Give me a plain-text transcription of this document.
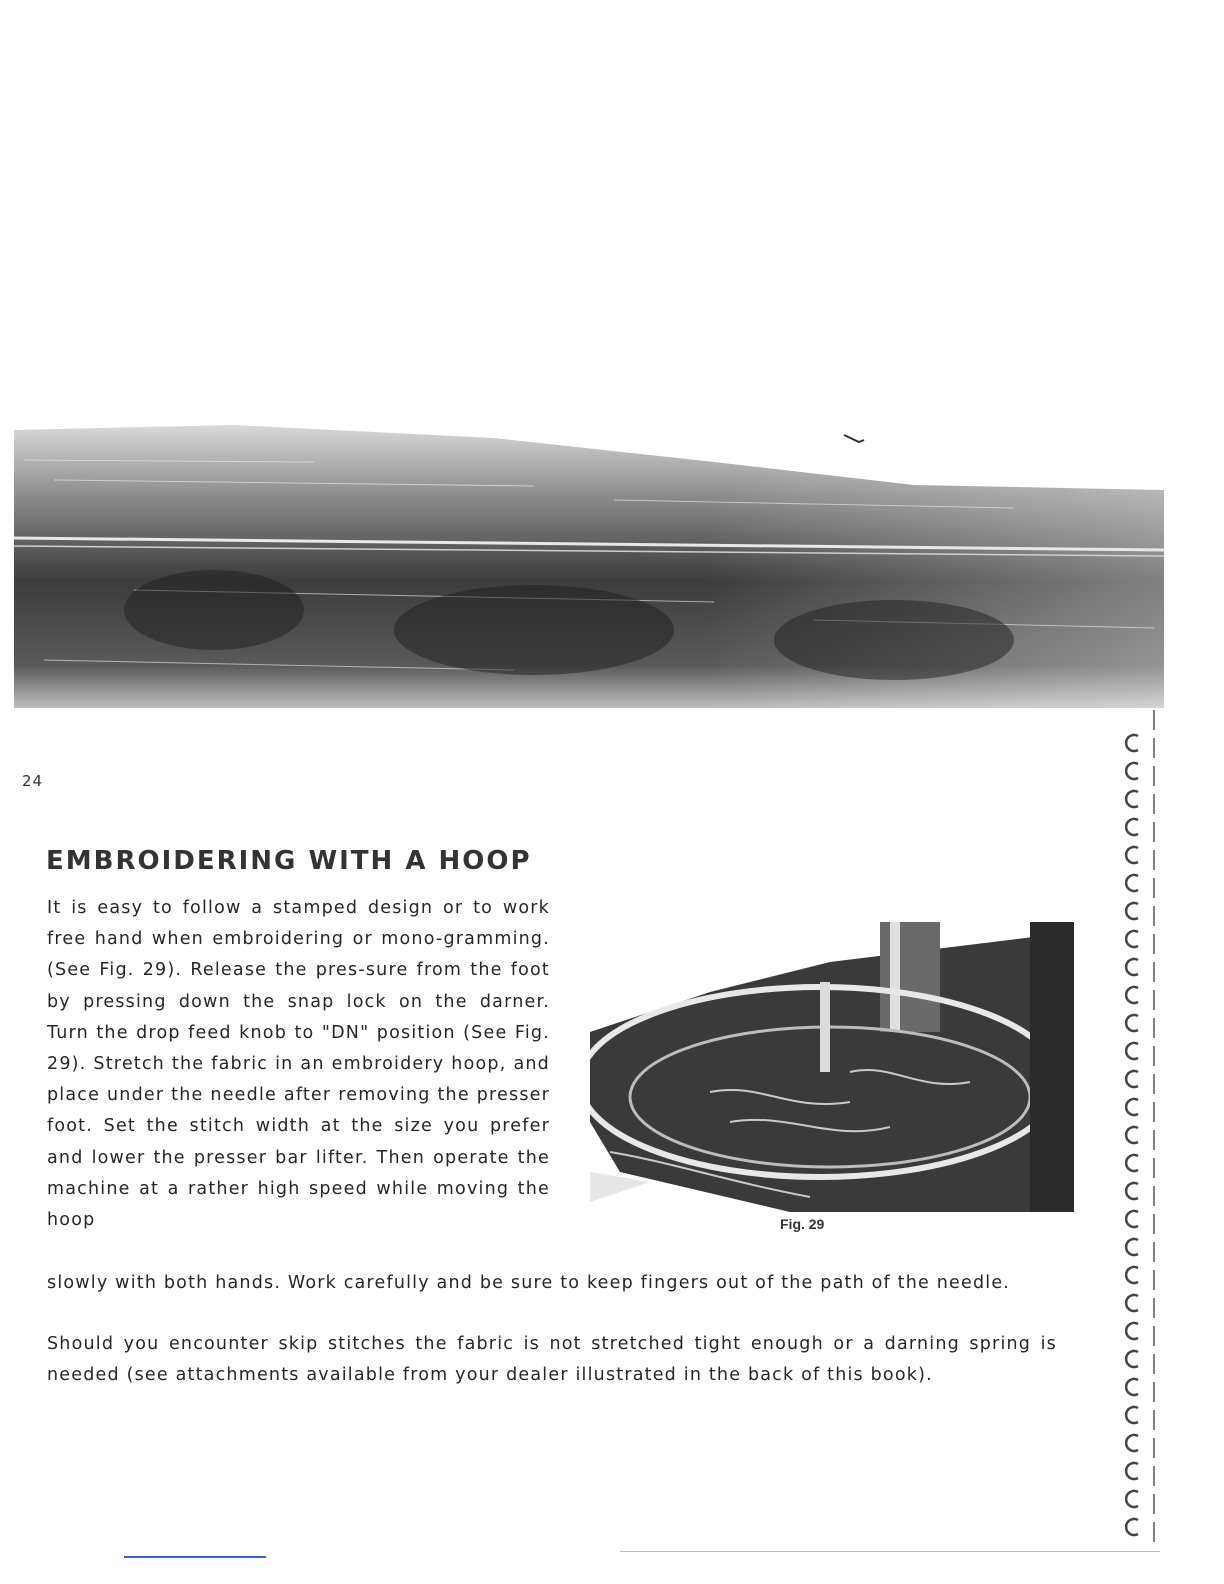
24
EMBROIDERING WITH A HOOP

It is easy to follow a stamped design or to work free hand when embroidering or mono-gramming. (See Fig. 29). Release the pres-sure from the foot by pressing down the snap lock on the darner. Turn the drop feed knob to "DN" position (See Fig. 29). Stretch the fabric in an embroidery hoop, and place under the needle after removing the presser foot. Set the stitch width at the size you prefer and lower the presser bar lifter. Then operate the machine at a rather high speed while moving the hoop

slowly with both hands. Work carefully and be sure to keep fingers out of the path of the needle.

Should you encounter skip stitches the fabric is not stretched tight enough or a darning spring is needed (see attachments available from your dealer illustrated in the back of this book).

Fig. 29
